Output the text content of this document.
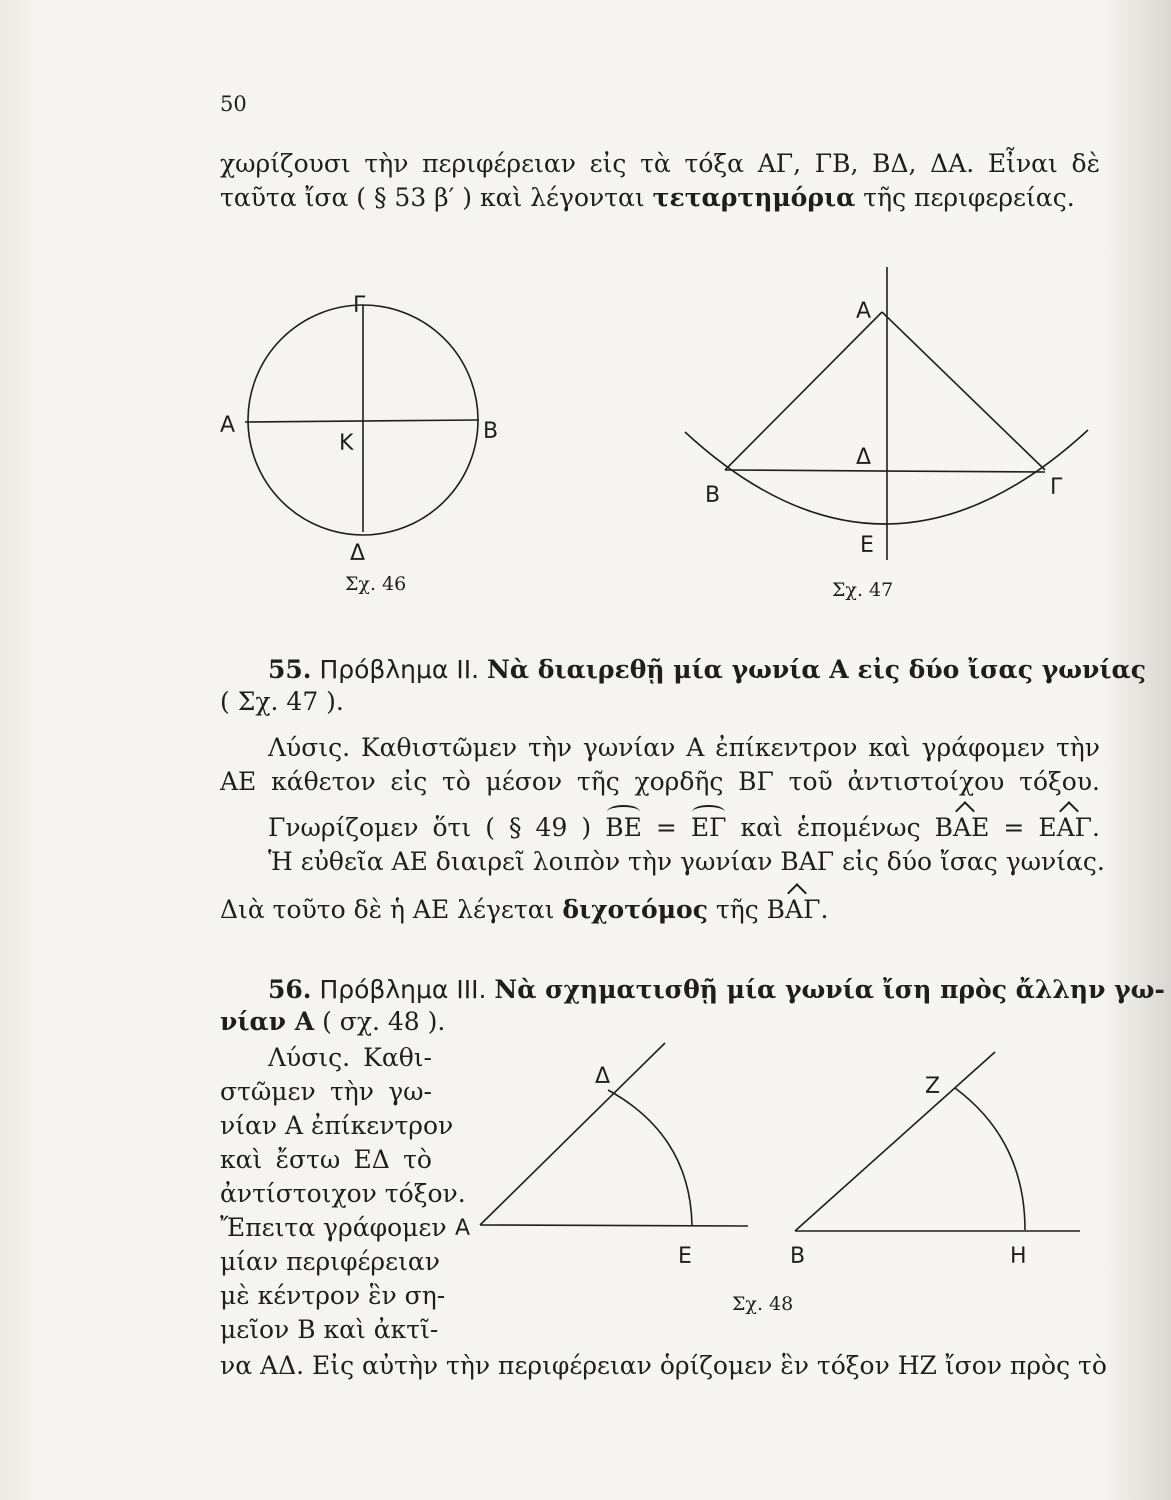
50
χωρίζουσι τὴν περιφέρειαν εἰς τὰ τόξα ΑΓ, ΓΒ, ΒΔ, ΔΑ. Εἶναι δὲ
ταῦτα ἴσα ( § 53 β′ ) καὶ λέγονται τεταρτημόρια τῆς περιφερείας.
Γ
Α	Β
Κ
Δ
Σχ. 46
Α
Δ
Β	Γ
Ε
Σχ. 47
55. Πρόβλημα ΙΙ. Νὰ διαιρεθῇ μία γωνία Α εἰς δύο ἴσας γωνίας
( Σχ. 47 ).
Λύσις. Καθιστῶμεν τὴν γωνίαν Α ἐπίκεντρον καὶ γράφομεν τὴν
ΑΕ κάθετον εἰς τὸ μέσον τῆς χορδῆς ΒΓ τοῦ ἀντιστοίχου τόξου.
Γνωρίζομεν ὅτι ( § 49 ) ΒΕ = ΕΓ καὶ ἑπομένως ΒΑΕ = ΕΑΓ.
Ἡ εὐθεῖα ΑΕ διαιρεῖ λοιπὸν τὴν γωνίαν ΒΑΓ εἰς δύο ἴσας γωνίας.
Διὰ τοῦτο δὲ ἡ ΑΕ λέγεται διχοτόμος τῆς ΒΑΓ.
56. Πρόβλημα ΙΙΙ. Νὰ σχηματισθῇ μία γωνία ἴση πρὸς ἄλλην γω-
νίαν Α ( σχ. 48 ).
Λύσις. Καθι-
στῶμεν τὴν γω-
νίαν Α ἐπίκεντρον
καὶ ἔστω ΕΔ τὸ
ἀντίστοιχον τόξον.
Ἔπειτα γράφομεν
μίαν περιφέρειαν
μὲ κέντρον ἓν ση-
μεῖον Β καὶ ἀκτῖ-
να ΑΔ. Εἰς αὐτὴν τὴν περιφέρειαν ὁρίζομεν ἓν τόξον ΗΖ ἴσον πρὸς τὸ
Α
Δ
Ε	Β
Ζ
Η
Σχ. 48
